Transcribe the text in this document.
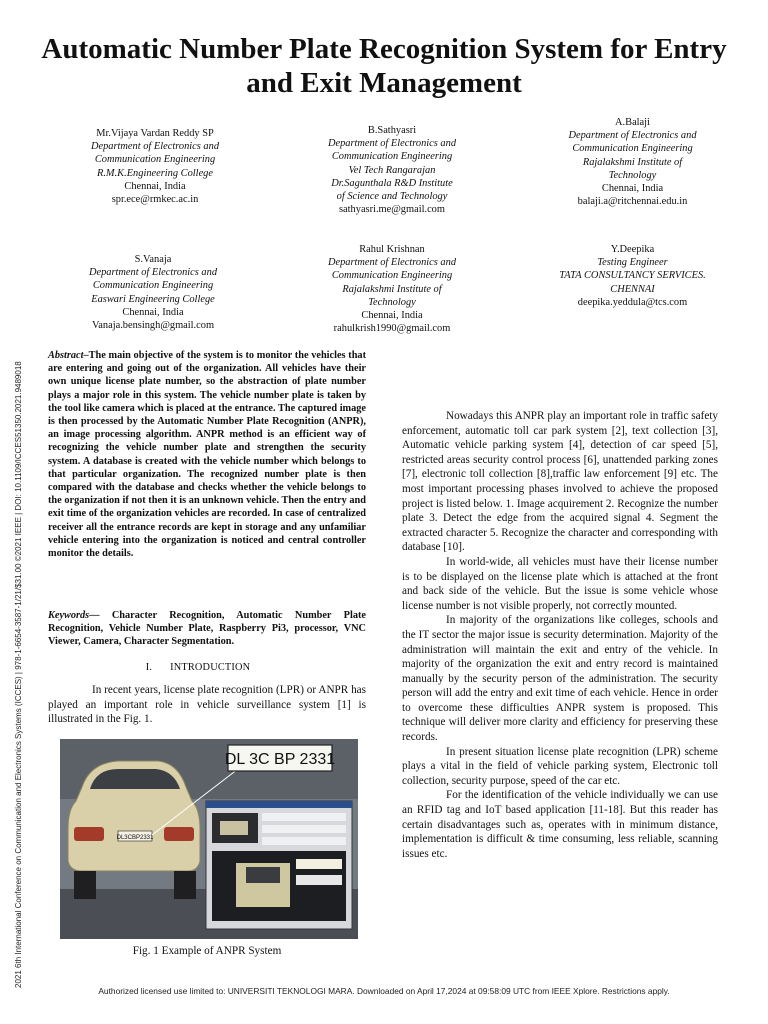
2021 6th International Conference on Communication and Electronics Systems (ICCES) | 978-1-6654-3587-1/21/$31.00 ©2021 IEEE | DOI: 10.1109/ICCES51350.2021.9489018
Automatic Number Plate Recognition System for Entry and Exit Management
Mr.Vijaya Vardan Reddy SP
Department of Electronics and
Communication Engineering
R.M.K.Engineering College
Chennai, India
spr.ece@rmkec.ac.in
B.Sathyasri
Department of Electronics and
Communication Engineering
Vel Tech Rangarajan
Dr.Sagunthala R&D Institute
of Science and Technology
sathyasri.me@gmail.com
A.Balaji
Department of Electronics and
Communication Engineering
Rajalakshmi Institute of
Technology
Chennai, India
balaji.a@ritchennai.edu.in
S.Vanaja
Department of Electronics and
Communication Engineering
Easwari Engineering College
Chennai, India
Vanaja.bensingh@gmail.com
Rahul Krishnan
Department of Electronics and
Communication Engineering
Rajalakshmi Institute of
Technology
Chennai, India
rahulkrish1990@gmail.com
Y.Deepika
Testing Engineer
TATA CONSULTANCY SERVICES.
CHENNAI
deepika.yeddula@tcs.com

Abstract–The main objective of the system is to monitor the vehicles that are entering and going out of the organization. All vehicles have their own unique license plate number, so the abstraction of plate number plays a major role in this system. The vehicle number plate is taken by the tool like camera which is placed at the entrance. The captured image is then processed by the Automatic Number Plate Recognition (ANPR), an image processing algorithm. ANPR method is an efficient way of recognizing the vehicle number plate and strengthen the security system. A database is created with the vehicle number which belongs to that particular organization. The recognized number plate is then compared with the database and checks whether the vehicle belongs to the organization if not then it is an unknown vehicle. Then the entry and exit time of the organization vehicles are recorded. In case of centralized receiver all the entrance records are kept in storage and any unfamiliar vehicle entering into the organization is noticed and central controller monitor the details.

Keywords— Character Recognition, Automatic Number Plate Recognition, Vehicle Number Plate, Raspberry Pi3, processor, VNC Viewer, Camera, Character Segmentation.

I. INTRODUCTION

In recent years, license plate recognition (LPR) or ANPR has played an important role in vehicle surveillance system [1] is illustrated in the Fig. 1.

DL3CBP2331
DL 3C BP 2331
Fig. 1 Example of ANPR System

Nowadays this ANPR play an important role in traffic safety enforcement, automatic toll car park system [2], text collection [3], Automatic vehicle parking system [4], detection of car speed [5], restricted areas security control process [6], unattended parking zones [7], electronic toll collection [8],traffic law enforcement [9] etc. The most important processing phases involved to achieve the proposed project is listed below. 1. Image acquirement 2. Recognize the number plate 3. Detect the edge from the acquired signal 4. Segment the extracted character 5. Recognize the character and corresponding with database [10].

In world-wide, all vehicles must have their license number is to be displayed on the license plate which is attached at the front and back side of the vehicle. But the issue is some vehicle whose license number is not visible properly, not correctly mounted.

In majority of the organizations like colleges, schools and the IT sector the major issue is security determination. Majority of the administration will maintain the exit and entry of the vehicle. In majority of the organization the exit and entry record is maintained manually by the security person of the administration. The security person will add the entry and exit time of each vehicle. Hence in order to overcome these difficulties ANPR system is proposed. This technique will deliver more clarity and efficiency for preserving these records.

In present situation license plate recognition (LPR) scheme plays a vital in the field of vehicle parking system, Electronic toll collection, security purpose, speed of the car etc.

For the identification of the vehicle individually we can use an RFID tag and IoT based application [11-18]. But this reader has certain disadvantages such as, operates with in minimum distance, implementation is difficult & time consuming, less reliable, scanning issues etc.

Authorized licensed use limited to: UNIVERSITI TEKNOLOGI MARA. Downloaded on April 17,2024 at 09:58:09 UTC from IEEE Xplore. Restrictions apply.
